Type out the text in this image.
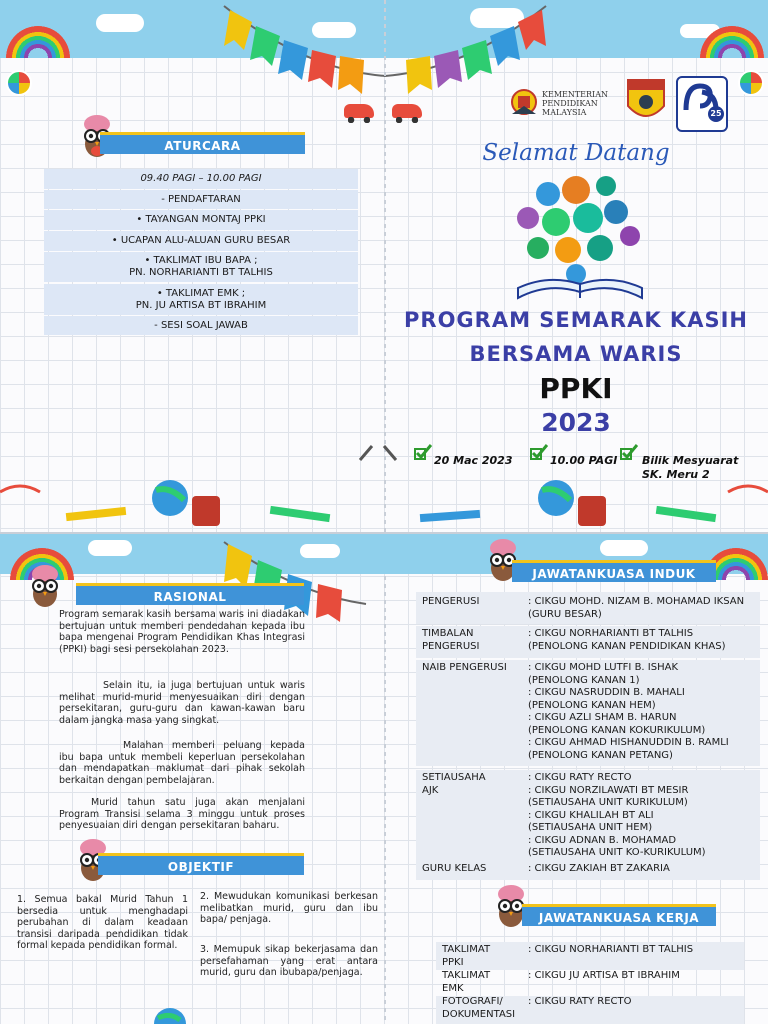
ATURCARA
09.40 PAGI – 10.00 PAGI
- PENDAFTARAN
• TAYANGAN MONTAJ PPKI
• UCAPAN ALU-ALUAN GURU BESAR
• TAKLIMAT IBU BAPA ;
PN. NORHARIANTI BT TALHIS
• TAKLIMAT EMK ;
PN. JU ARTISA BT IBRAHIM
- SESI SOAL JAWAB
KEMENTERIAN
PENDIDIKAN
MALAYSIA	25
Selamat Datang
PROGRAM SEMARAK KASIH
BERSAMA WARIS
PPKI
2023
20 Mac 2023	10.00 PAGI Bilik Mesyuarat
SK. Meru 2
RASIONAL
Program semarak kasih bersama waris ini diadakan bertujuan untuk memberi pendedahan kepada ibu bapa mengenai Program Pendidikan Khas Integrasi (PPKI) bagi sesi persekolahan 2023.
Selain itu, ia juga bertujuan untuk waris melihat murid-murid menyesuaikan diri dengan persekitaran, guru-guru dan kawan-kawan baru dalam jangka masa yang singkat.
Malahan memberi peluang kepada ibu bapa untuk membeli keperluan persekolahan dan mendapatkan maklumat dari pihak sekolah berkaitan dengan pembelajaran.
Murid tahun satu juga akan menjalani Program Transisi selama 3 minggu untuk proses penyesuaian diri dengan persekitaran baharu.
OBJEKTIF
1. Semua bakal Murid Tahun 1 bersedia untuk menghadapi perubahan di dalam keadaan transisi daripada pendidikan tidak formal kepada pendidikan formal.
2. Mewudukan komunikasi berkesan melibatkan murid, guru dan ibu bapa/ penjaga.
3. Memupuk sikap bekerjasama dan persefahaman yang erat antara murid, guru dan ibubapa/penjaga.
JAWATANKUASA INDUK
PENGERUSI	: CIKGU MOHD. NIZAM B. MOHAMAD IKSAN
(GURU BESAR)
TIMBALAN
PENGERUSI
: CIKGU NORHARIANTI BT TALHIS
(PENOLONG KANAN PENDIDIKAN KHAS)
NAIB PENGERUSI	: CIKGU MOHD LUTFI B. ISHAK
(PENOLONG KANAN 1)
: CIKGU NASRUDDIN B. MAHALI
(PENOLONG KANAN HEM)
: CIKGU AZLI SHAM B. HARUN
(PENOLONG KANAN KOKURIKULUM)
: CIKGU AHMAD HISHANUDDIN B. RAMLI
(PENOLONG KANAN PETANG)
SETIAUSAHA
AJK
: CIKGU RATY RECTO
: CIKGU NORZILAWATI BT MESIR
(SETIAUSAHA UNIT KURIKULUM)
: CIKGU KHALILAH BT ALI
(SETIAUSAHA UNIT HEM)
: CIKGU ADNAN B. MOHAMAD
(SETIAUSAHA UNIT KO-KURIKULUM)
GURU KELAS	: CIKGU ZAKIAH BT ZAKARIA
JAWATANKUASA KERJA
TAKLIMAT
PPKI
: CIKGU NORHARIANTI BT TALHIS
TAKLIMAT
EMK
: CIKGU JU ARTISA BT IBRAHIM
FOTOGRAFI/
DOKUMENTASI
: CIKGU RATY RECTO
